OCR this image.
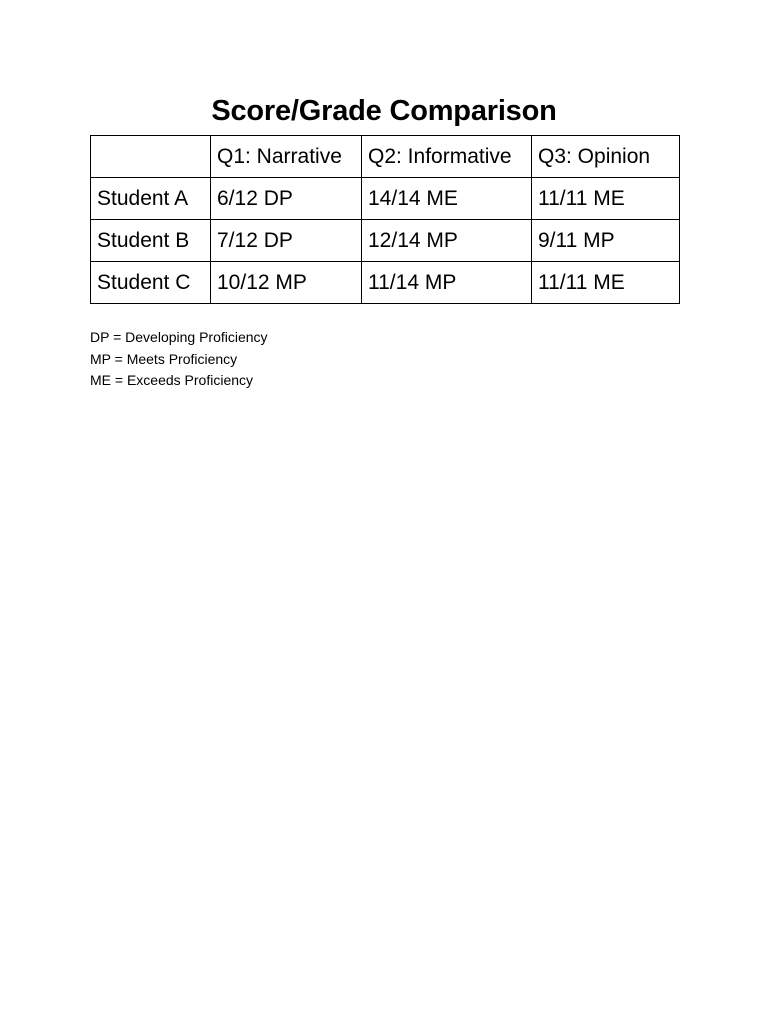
Score/Grade Comparison
	Q1: Narrative	Q2: Informative	Q3: Opinion
Student A	6/12 DP	14/14 ME	11/11 ME
Student B	7/12 DP	12/14 MP	9/11 MP
Student C	10/12 MP	11/14 MP	11/11 ME
DP = Developing Proficiency
MP = Meets Proficiency
ME = Exceeds Proficiency
